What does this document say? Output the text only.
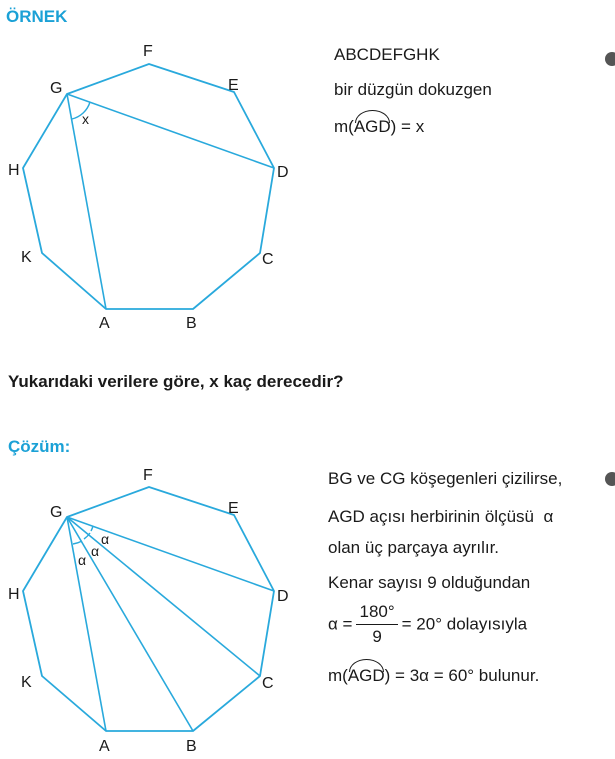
ÖRNEK
x
F
G	E
H	D
K	C
A	B
ABCDEFGHK
bir düzgün dokuzgen
m(AGD) = x
Yukarıdaki verilere göre, x kaç derecedir?
Çözüm:
α
α
α
F
G	E
H	D
K	C
A	B
BG ve CG köşegenleri çizilirse,
AGD açısı herbirinin ölçüsü α
olan üç parçaya ayrılır.
Kenar sayısı 9 olduğundan
$\alpha = \frac{180^\circ}{9} = 20^\circ$ dolayısıyla
m(AGD) = 3α = 60° bulunur.
